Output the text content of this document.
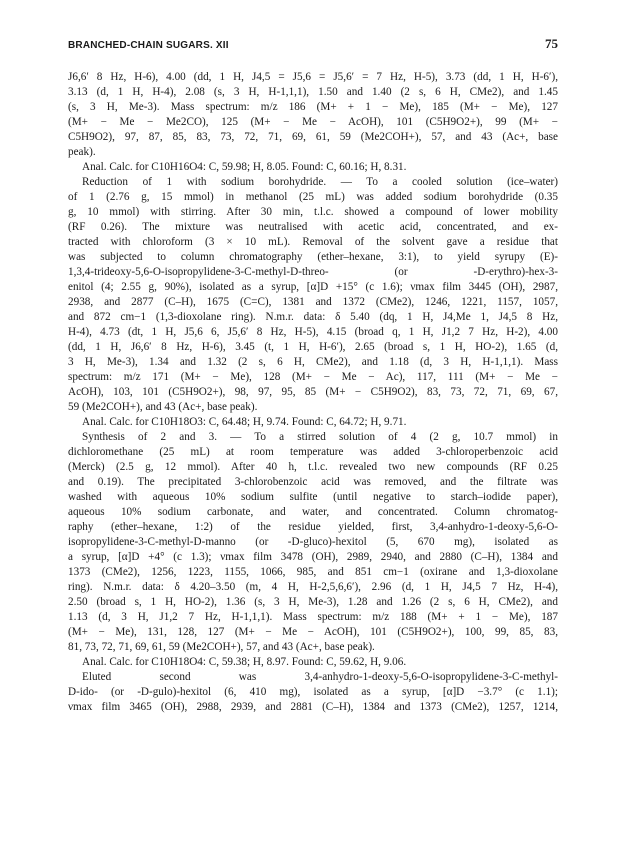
BRANCHED-CHAIN SUGARS. XII	75
J6,6′ 8 Hz, H-6), 4.00 (dd, 1 H, J4,5 = J5,6 = J5,6′ = 7 Hz, H-5), 3.73 (dd, 1 H, H-6′),
3.13 (d, 1 H, H-4), 2.08 (s, 3 H, H-1,1,1), 1.50 and 1.40 (2 s, 6 H, CMe2), and 1.45
(s, 3 H, Me-3). Mass spectrum: m/z 186 (M+ + 1 − Me), 185 (M+ − Me), 127
(M+ − Me − Me2CO), 125 (M+ − Me − AcOH), 101 (C5H9O2+), 99 (M+ −
C5H9O2), 97, 87, 85, 83, 73, 72, 71, 69, 61, 59 (Me2COH+), 57, and 43 (Ac+, base
peak).
Anal. Calc. for C10H16O4: C, 59.98; H, 8.05. Found: C, 60.16; H, 8.31.
Reduction of 1 with sodium borohydride. — To a cooled solution (ice–water)
of 1 (2.76 g, 15 mmol) in methanol (25 mL) was added sodium borohydride (0.35
g, 10 mmol) with stirring. After 30 min, t.l.c. showed a compound of lower mobility
(RF 0.26). The mixture was neutralised with acetic acid, concentrated, and ex-
tracted with chloroform (3 × 10 mL). Removal of the solvent gave a residue that
was subjected to column chromatography (ether–hexane, 3:1), to yield syrupy (E)-
1,3,4-trideoxy-5,6-O-isopropylidene-3-C-methyl-D-threo- (or -D-erythro)-hex-3-
enitol (4; 2.55 g, 90%), isolated as a syrup, [α]D +15° (c 1.6); νmax film 3445 (OH), 2987,
2938, and 2877 (C–H), 1675 (C=C), 1381 and 1372 (CMe2), 1246, 1221, 1157, 1057,
and 872 cm−1 (1,3-dioxolane ring). N.m.r. data: δ 5.40 (dq, 1 H, J4,Me 1, J4,5 8 Hz,
H-4), 4.73 (dt, 1 H, J5,6 6, J5,6′ 8 Hz, H-5), 4.15 (broad q, 1 H, J1,2 7 Hz, H-2), 4.00
(dd, 1 H, J6,6′ 8 Hz, H-6), 3.45 (t, 1 H, H-6′), 2.65 (broad s, 1 H, HO-2), 1.65 (d,
3 H, Me-3), 1.34 and 1.32 (2 s, 6 H, CMe2), and 1.18 (d, 3 H, H-1,1,1). Mass
spectrum: m/z 171 (M+ − Me), 128 (M+ − Me − Ac), 117, 111 (M+ − Me −
AcOH), 103, 101 (C5H9O2+), 98, 97, 95, 85 (M+ − C5H9O2), 83, 73, 72, 71, 69, 67,
59 (Me2COH+), and 43 (Ac+, base peak).
Anal. Calc. for C10H18O3: C, 64.48; H, 9.74. Found: C, 64.72; H, 9.71.
Synthesis of 2 and 3. — To a stirred solution of 4 (2 g, 10.7 mmol) in
dichloromethane (25 mL) at room temperature was added 3-chloroperbenzoic acid
(Merck) (2.5 g, 12 mmol). After 40 h, t.l.c. revealed two new compounds (RF 0.25
and 0.19). The precipitated 3-chlorobenzoic acid was removed, and the filtrate was
washed with aqueous 10% sodium sulfite (until negative to starch–iodide paper),
aqueous 10% sodium carbonate, and water, and concentrated. Column chromatog-
raphy (ether–hexane, 1:2) of the residue yielded, first, 3,4-anhydro-1-deoxy-5,6-O-
isopropylidene-3-C-methyl-D-manno (or -D-gluco)-hexitol (5, 670 mg), isolated as
a syrup, [α]D +4° (c 1.3); νmax film 3478 (OH), 2989, 2940, and 2880 (C–H), 1384 and
1373 (CMe2), 1256, 1223, 1155, 1066, 985, and 851 cm−1 (oxirane and 1,3-dioxolane
ring). N.m.r. data: δ 4.20–3.50 (m, 4 H, H-2,5,6,6′), 2.96 (d, 1 H, J4,5 7 Hz, H-4),
2.50 (broad s, 1 H, HO-2), 1.36 (s, 3 H, Me-3), 1.28 and 1.26 (2 s, 6 H, CMe2), and
1.13 (d, 3 H, J1,2 7 Hz, H-1,1,1). Mass spectrum: m/z 188 (M+ + 1 − Me), 187
(M+ − Me), 131, 128, 127 (M+ − Me − AcOH), 101 (C5H9O2+), 100, 99, 85, 83,
81, 73, 72, 71, 69, 61, 59 (Me2COH+), 57, and 43 (Ac+, base peak).
Anal. Calc. for C10H18O4: C, 59.38; H, 8.97. Found: C, 59.62, H, 9.06.
Eluted second was 3,4-anhydro-1-deoxy-5,6-O-isopropylidene-3-C-methyl-
D-ido- (or -D-gulo)-hexitol (6, 410 mg), isolated as a syrup, [α]D −3.7° (c 1.1);
νmax film 3465 (OH), 2988, 2939, and 2881 (C–H), 1384 and 1373 (CMe2), 1257, 1214,
